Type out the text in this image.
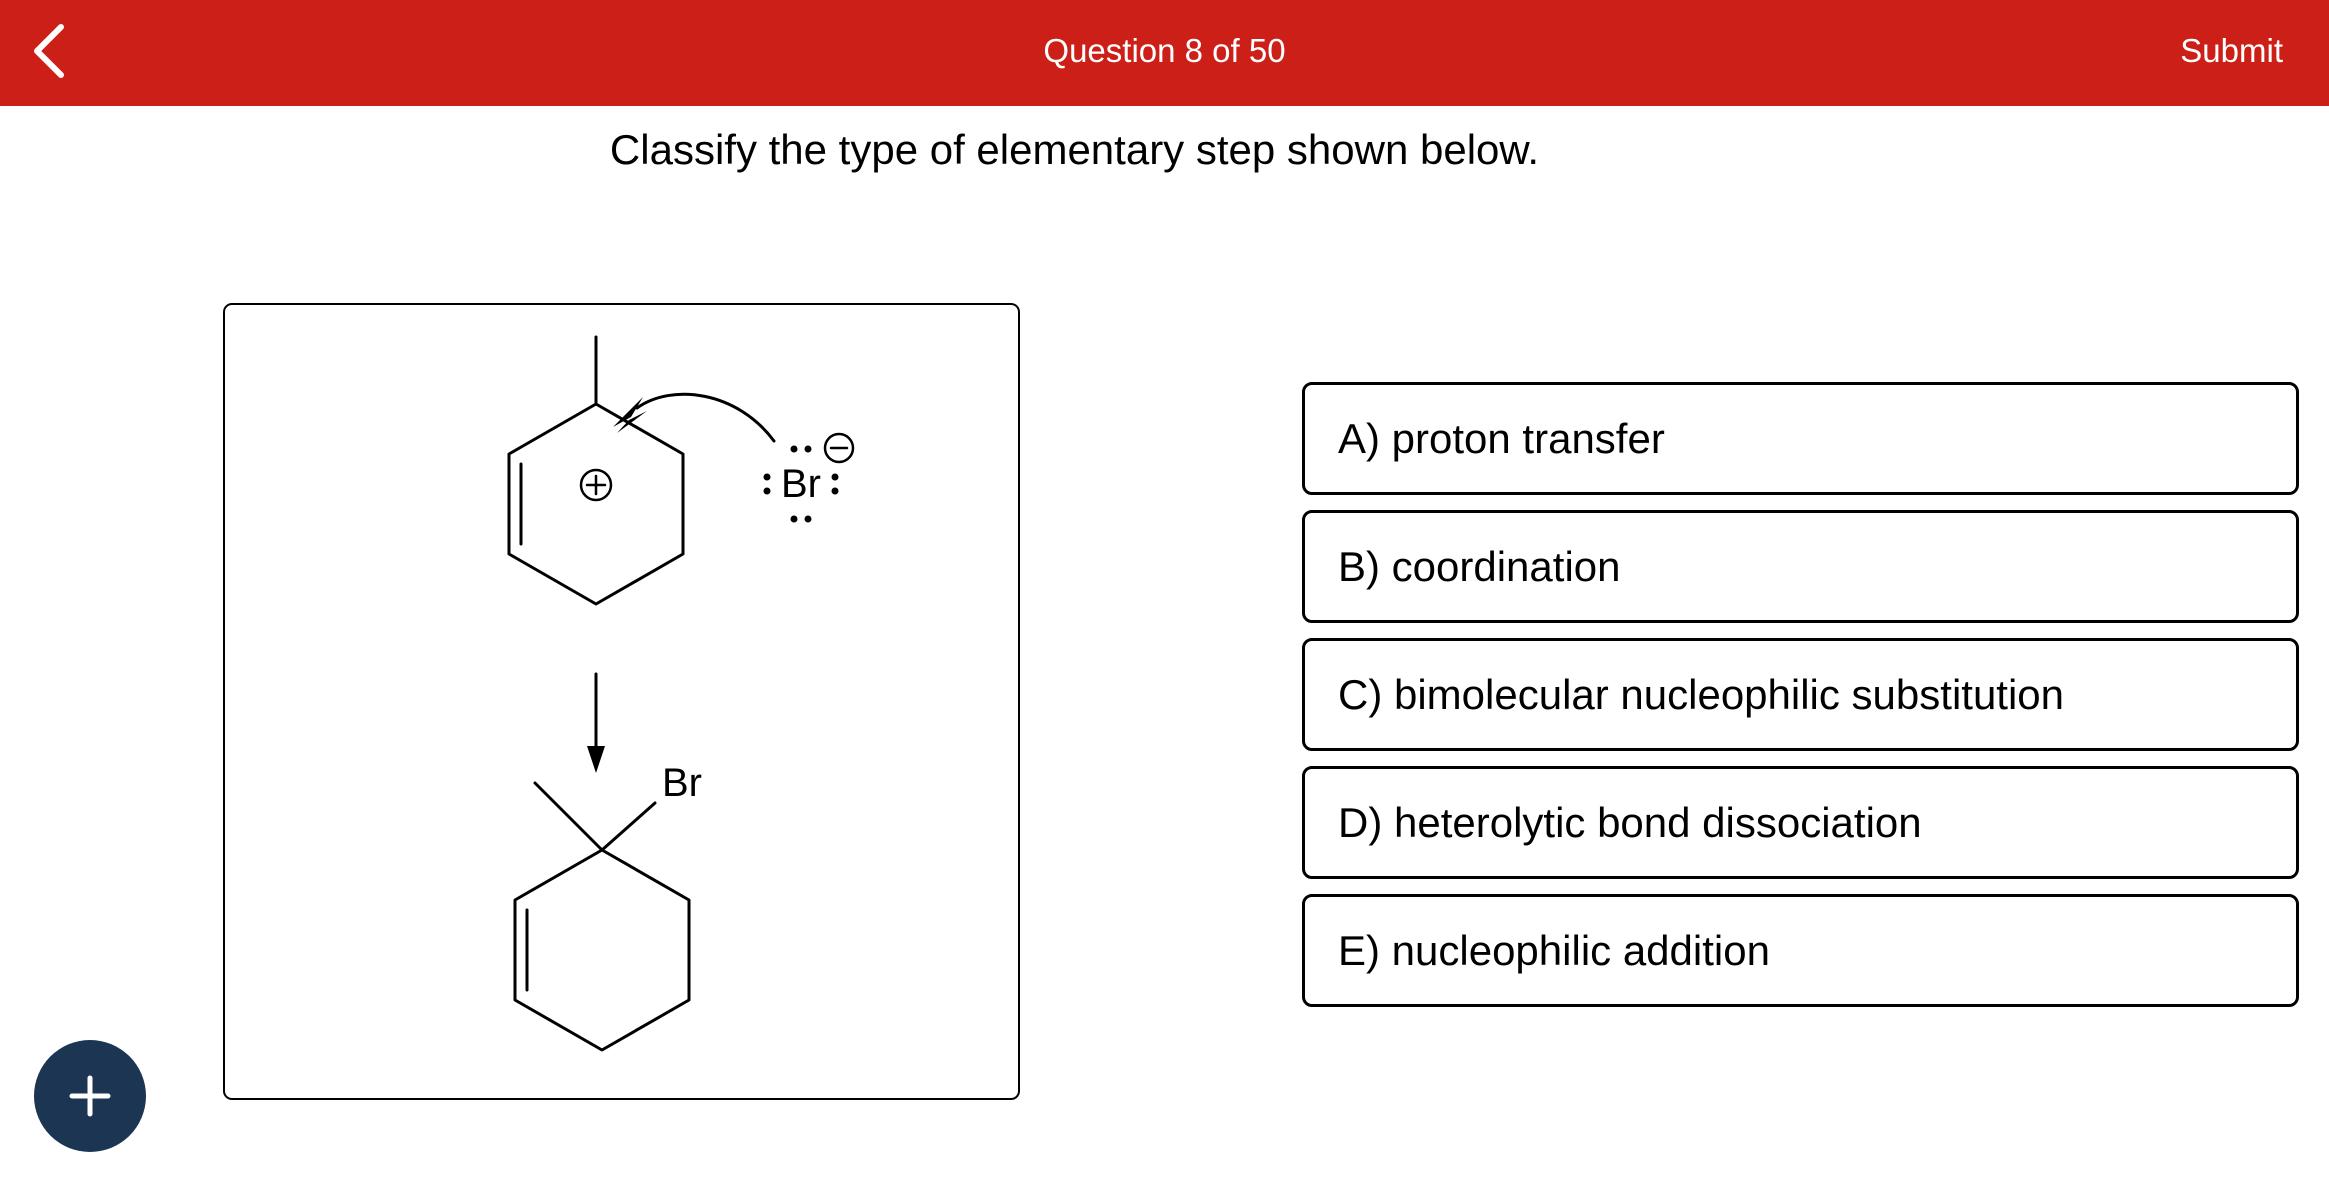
Question 8 of 50	Submit
Classify the type of elementary step shown below.
Br
Br
A) proton transfer
B) coordination
C) bimolecular nucleophilic substitution
D) heterolytic bond dissociation
E) nucleophilic addition
